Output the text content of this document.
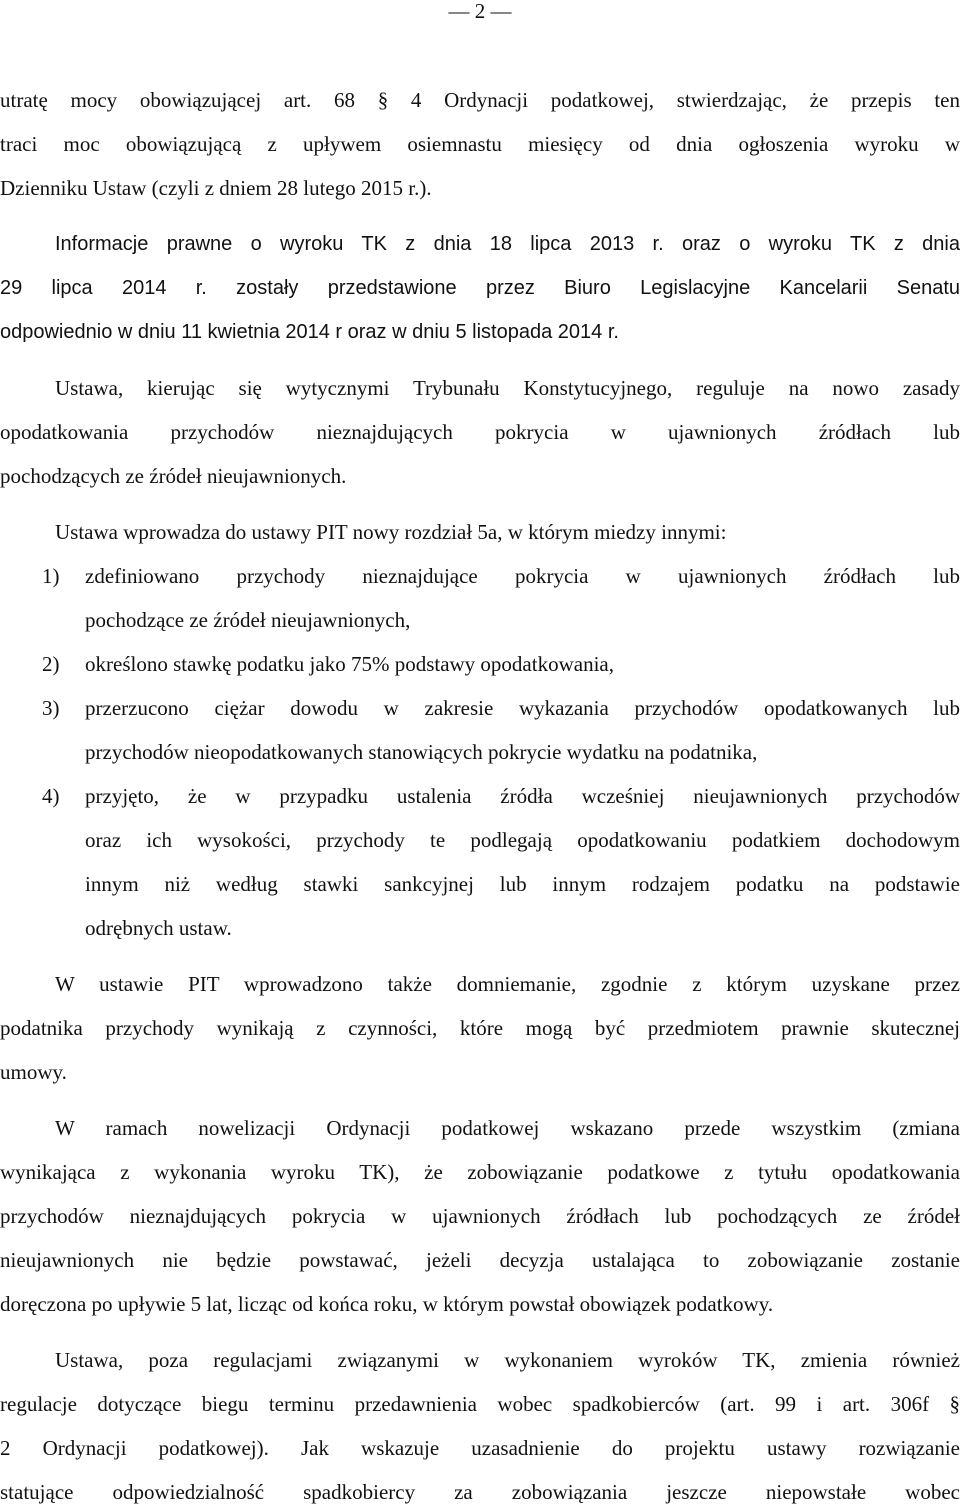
— 2 —
utratę mocy obowiązującej art. 68 § 4 Ordynacji podatkowej, stwierdzając, że przepis ten
traci moc obowiązującą z upływem osiemnastu miesięcy od dnia ogłoszenia wyroku w
Dzienniku Ustaw (czyli z dniem 28 lutego 2015 r.).
Informacje prawne o wyroku TK z dnia 18 lipca 2013 r. oraz o wyroku TK z dnia
29 lipca 2014 r. zostały przedstawione przez Biuro Legislacyjne Kancelarii Senatu
odpowiednio w dniu 11 kwietnia 2014 r oraz w dniu 5 listopada 2014 r.
Ustawa, kierując się wytycznymi Trybunału Konstytucyjnego, reguluje na nowo zasady
opodatkowania przychodów nieznajdujących pokrycia w ujawnionych źródłach lub
pochodzących ze źródeł nieujawnionych.
Ustawa wprowadza do ustawy PIT nowy rozdział 5a, w którym miedzy innymi:
1) zdefiniowano przychody nieznajdujące pokrycia w ujawnionych źródłach lub
pochodzące ze źródeł nieujawnionych,
2) określono stawkę podatku jako 75% podstawy opodatkowania,
3) przerzucono ciężar dowodu w zakresie wykazania przychodów opodatkowanych lub
przychodów nieopodatkowanych stanowiących pokrycie wydatku na podatnika,
4) przyjęto, że w przypadku ustalenia źródła wcześniej nieujawnionych przychodów
oraz ich wysokości, przychody te podlegają opodatkowaniu podatkiem dochodowym
innym niż według stawki sankcyjnej lub innym rodzajem podatku na podstawie
odrębnych ustaw.
W ustawie PIT wprowadzono także domniemanie, zgodnie z którym uzyskane przez
podatnika przychody wynikają z czynności, które mogą być przedmiotem prawnie skutecznej
umowy.
W ramach nowelizacji Ordynacji podatkowej wskazano przede wszystkim (zmiana
wynikająca z wykonania wyroku TK), że zobowiązanie podatkowe z tytułu opodatkowania
przychodów nieznajdujących pokrycia w ujawnionych źródłach lub pochodzących ze źródeł
nieujawnionych nie będzie powstawać, jeżeli decyzja ustalająca to zobowiązanie zostanie
doręczona po upływie 5 lat, licząc od końca roku, w którym powstał obowiązek podatkowy.
Ustawa, poza regulacjami związanymi w wykonaniem wyroków TK, zmienia również
regulacje dotyczące biegu terminu przedawnienia wobec spadkobierców (art. 99 i art. 306f §
2 Ordynacji podatkowej). Jak wskazuje uzasadnienie do projektu ustawy rozwiązanie
statujące odpowiedzialność spadkobiercy za zobowiązania jeszcze niepowstałe wobec
